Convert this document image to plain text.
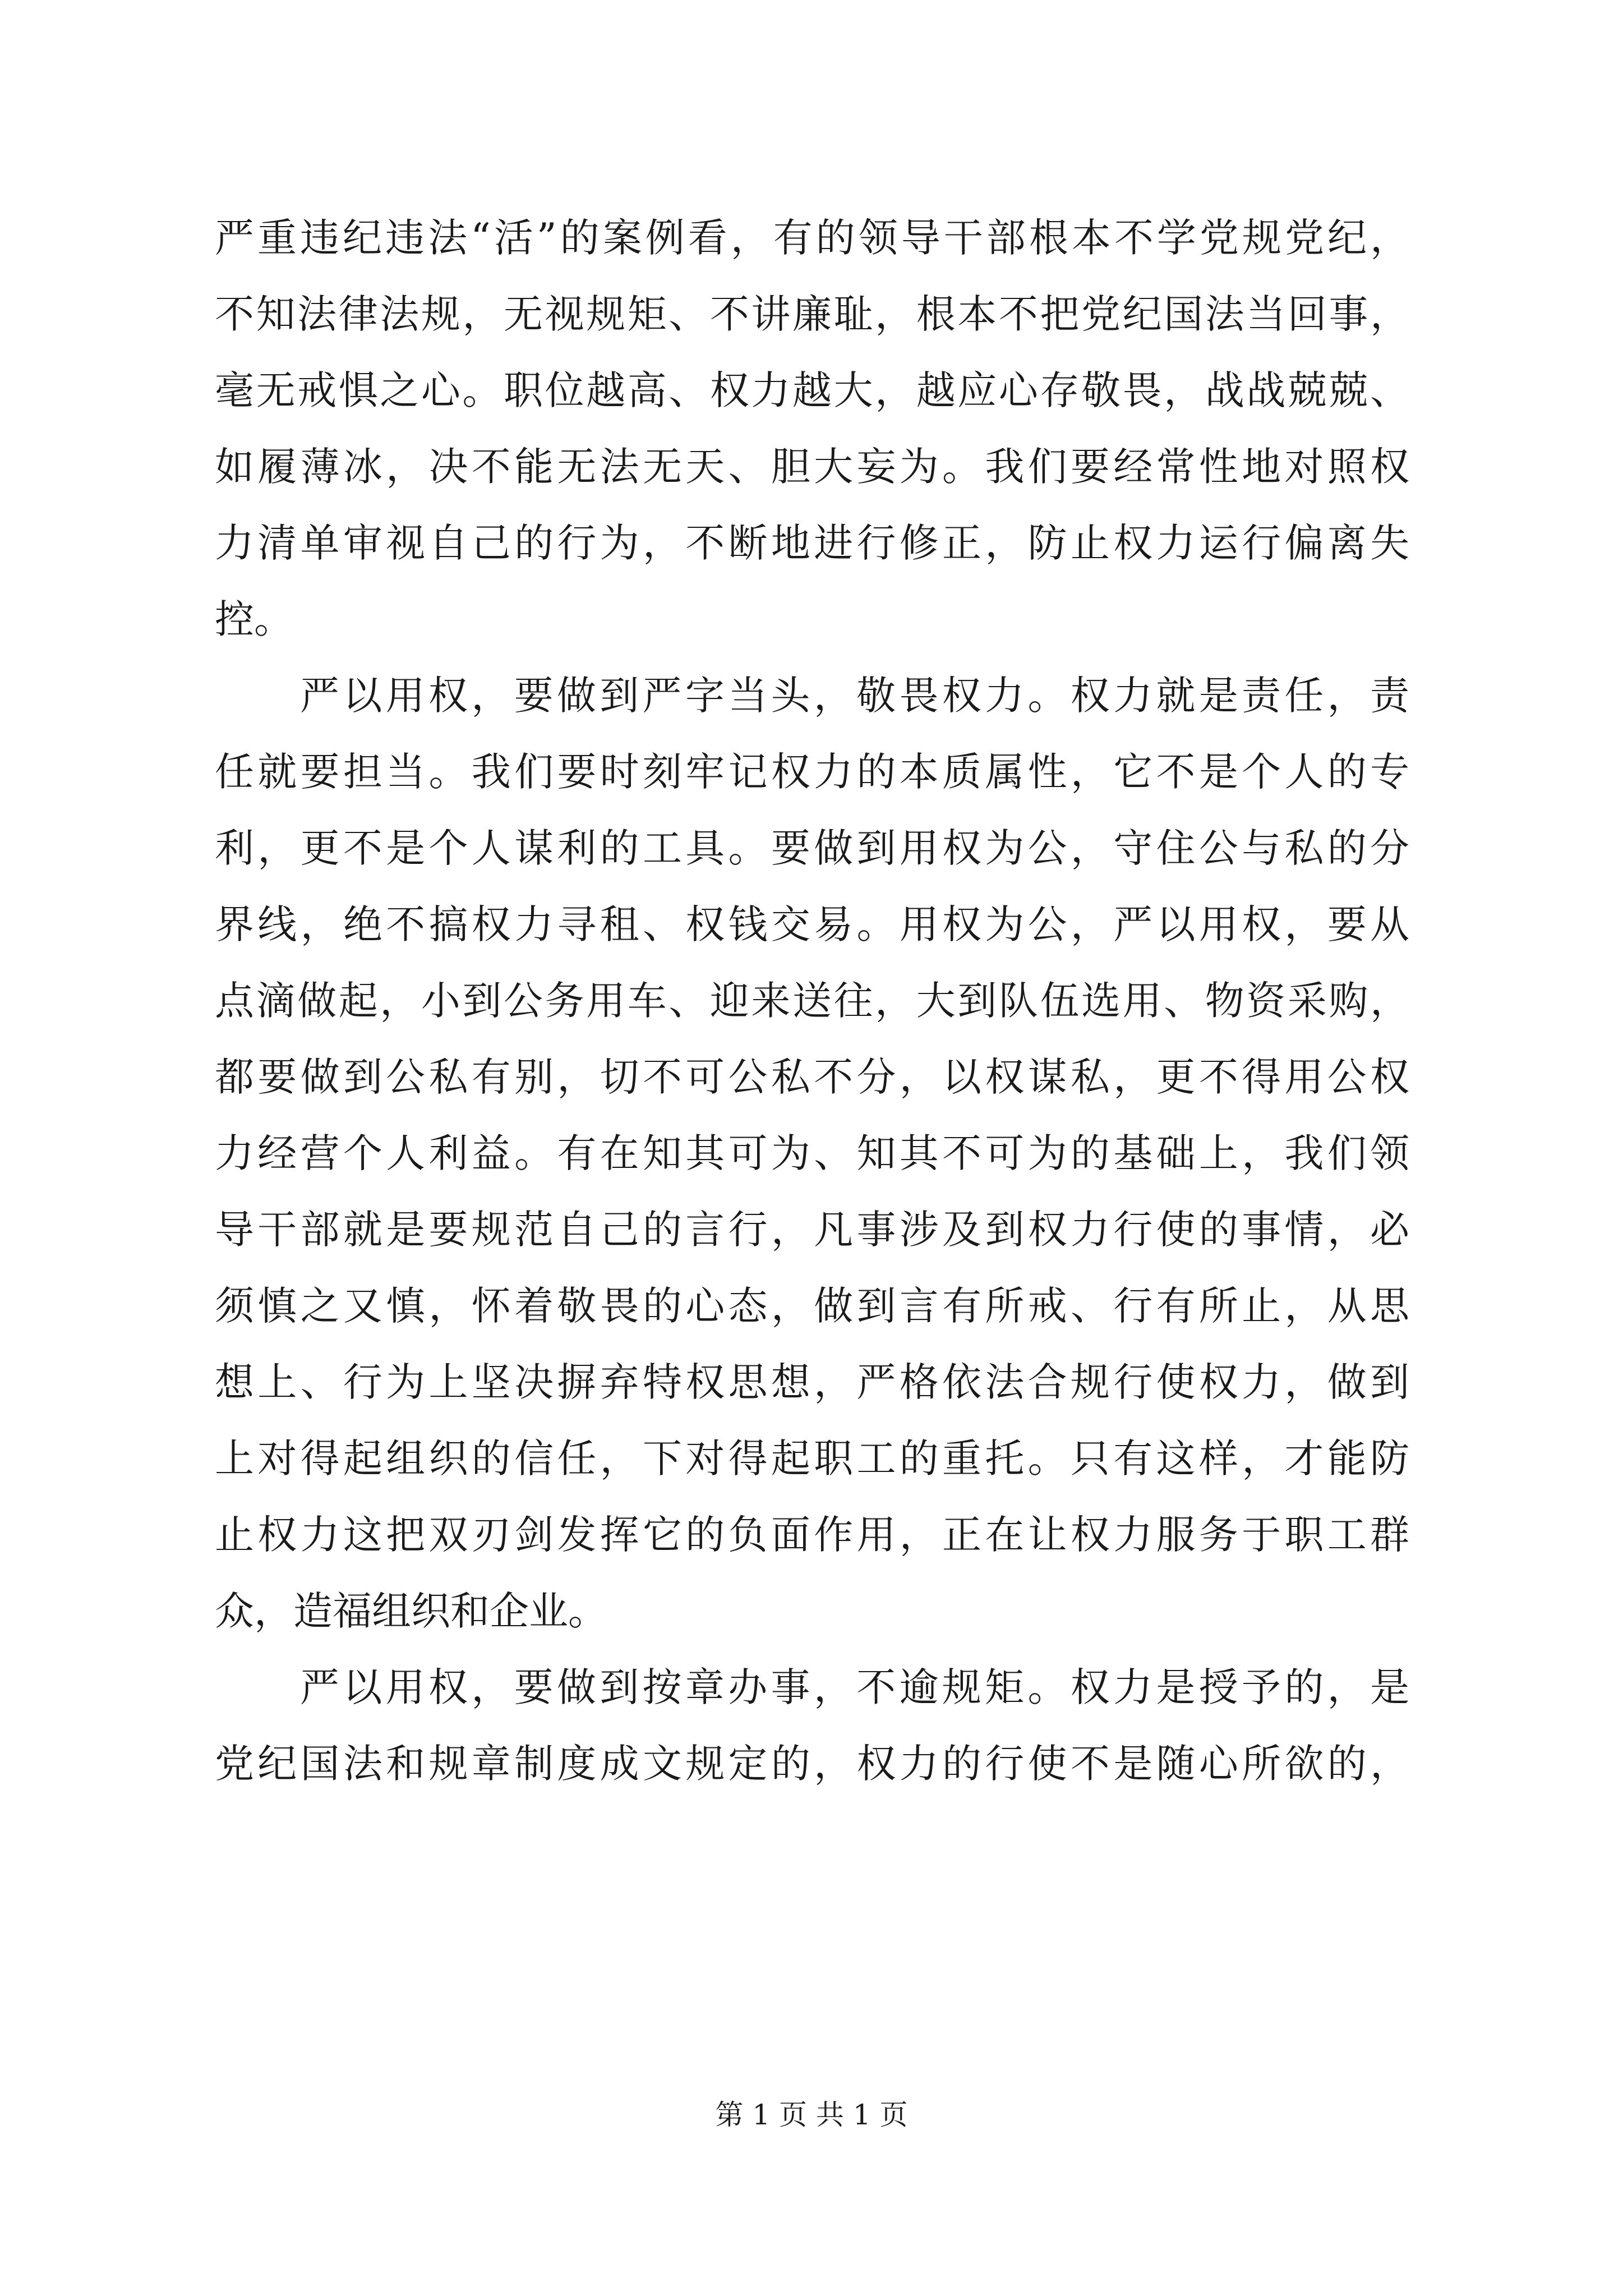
严重违纪违法“活”的案例看，有的领导干部根本不学党规党纪，

不知法律法规，无视规矩、不讲廉耻，根本不把党纪国法当回事，

毫无戒惧之心。职位越高、权力越大，越应心存敬畏，战战兢兢、

如履薄冰，决不能无法无天、胆大妄为。我们要经常性地对照权

力清单审视自己的行为，不断地进行修正，防止权力运行偏离失

控。

严以用权，要做到严字当头，敬畏权力。权力就是责任，责

任就要担当。我们要时刻牢记权力的本质属性，它不是个人的专

利，更不是个人谋利的工具。要做到用权为公，守住公与私的分

界线，绝不搞权力寻租、权钱交易。用权为公，严以用权，要从

点滴做起，小到公务用车、迎来送往，大到队伍选用、物资采购，

都要做到公私有别，切不可公私不分，以权谋私，更不得用公权

力经营个人利益。有在知其可为、知其不可为的基础上，我们领

导干部就是要规范自己的言行，凡事涉及到权力行使的事情，必

须慎之又慎，怀着敬畏的心态，做到言有所戒、行有所止，从思

想上、行为上坚决摒弃特权思想，严格依法合规行使权力，做到

上对得起组织的信任，下对得起职工的重托。只有这样，才能防

止权力这把双刃剑发挥它的负面作用，正在让权力服务于职工群

众，造福组织和企业。

严以用权，要做到按章办事，不逾规矩。权力是授予的，是

党纪国法和规章制度成文规定的，权力的行使不是随心所欲的，

第 1 页 共 1 页
